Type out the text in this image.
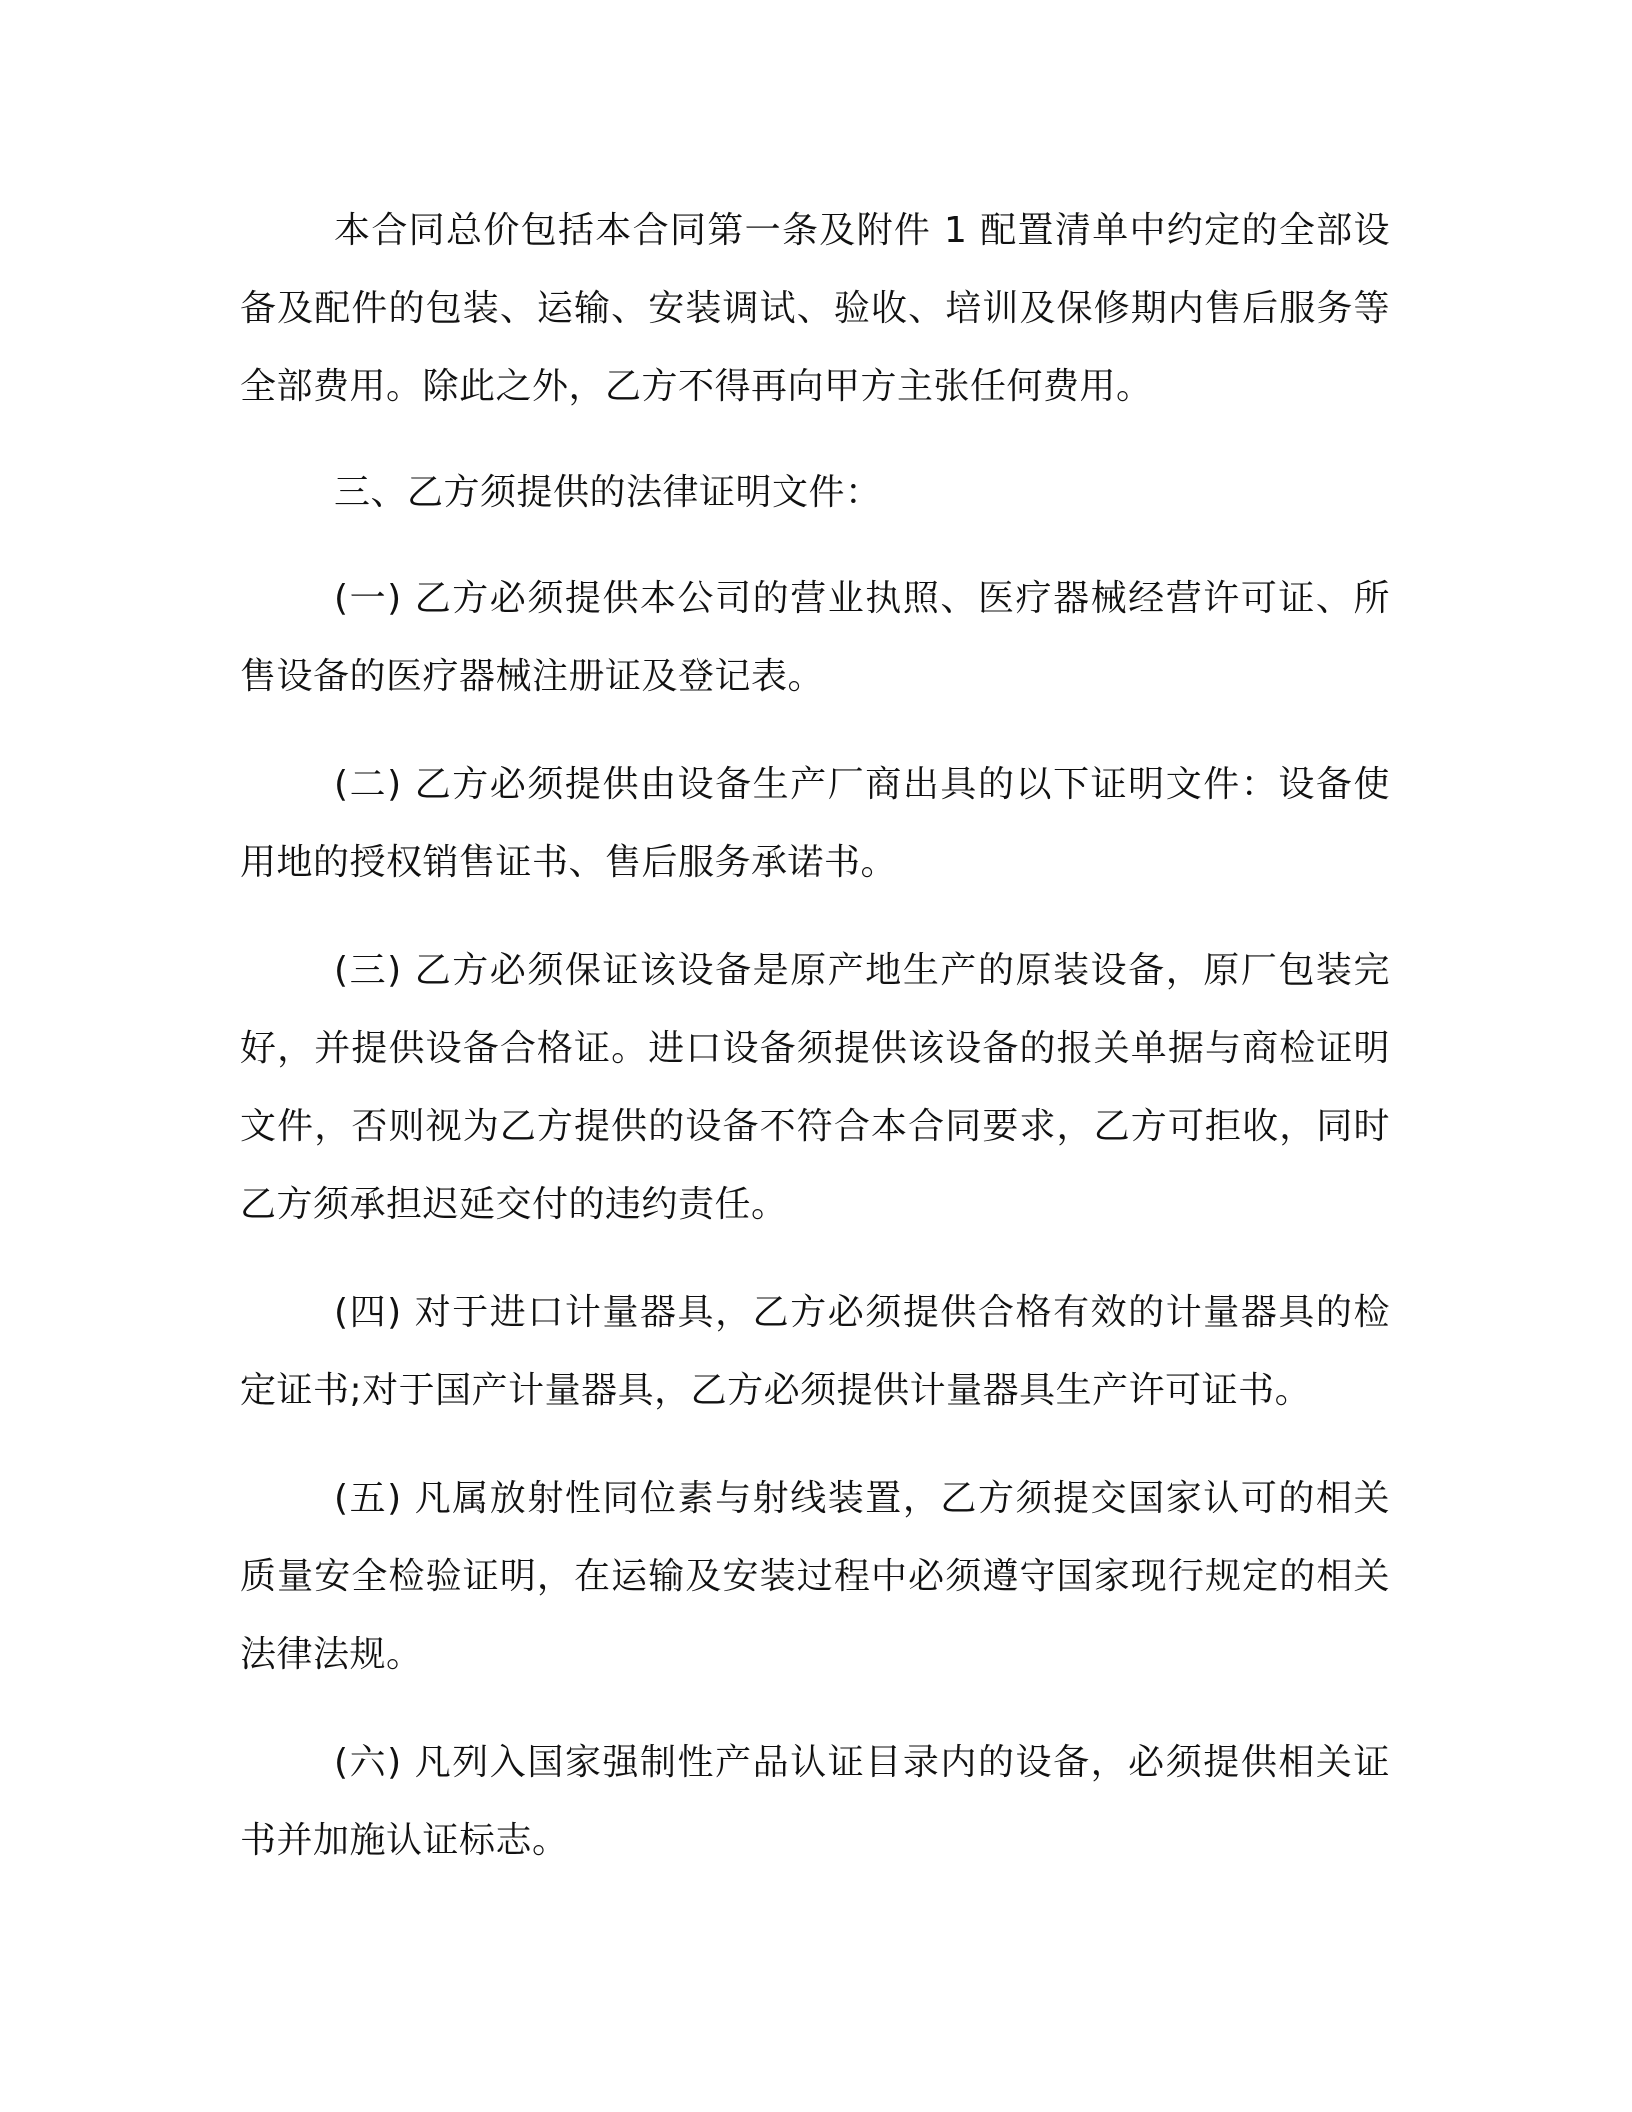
本合同总价包括本合同第一条及附件 1 配置清单中约定的全部设备及配件的包装、运输、安装调试、验收、培训及保修期内售后服务等全部费用。除此之外，乙方不得再向甲方主张任何费用。

三、乙方须提供的法律证明文件：

(一) 乙方必须提供本公司的营业执照、医疗器械经营许可证、所售设备的医疗器械注册证及登记表。

(二) 乙方必须提供由设备生产厂商出具的以下证明文件：设备使用地的授权销售证书、售后服务承诺书。

(三) 乙方必须保证该设备是原产地生产的原装设备，原厂包装完好，并提供设备合格证。进口设备须提供该设备的报关单据与商检证明文件，否则视为乙方提供的设备不符合本合同要求，乙方可拒收，同时乙方须承担迟延交付的违约责任。

(四) 对于进口计量器具，乙方必须提供合格有效的计量器具的检定证书;对于国产计量器具，乙方必须提供计量器具生产许可证书。

(五) 凡属放射性同位素与射线装置，乙方须提交国家认可的相关质量安全检验证明，在运输及安装过程中必须遵守国家现行规定的相关法律法规。

(六) 凡列入国家强制性产品认证目录内的设备，必须提供相关证书并加施认证标志。
